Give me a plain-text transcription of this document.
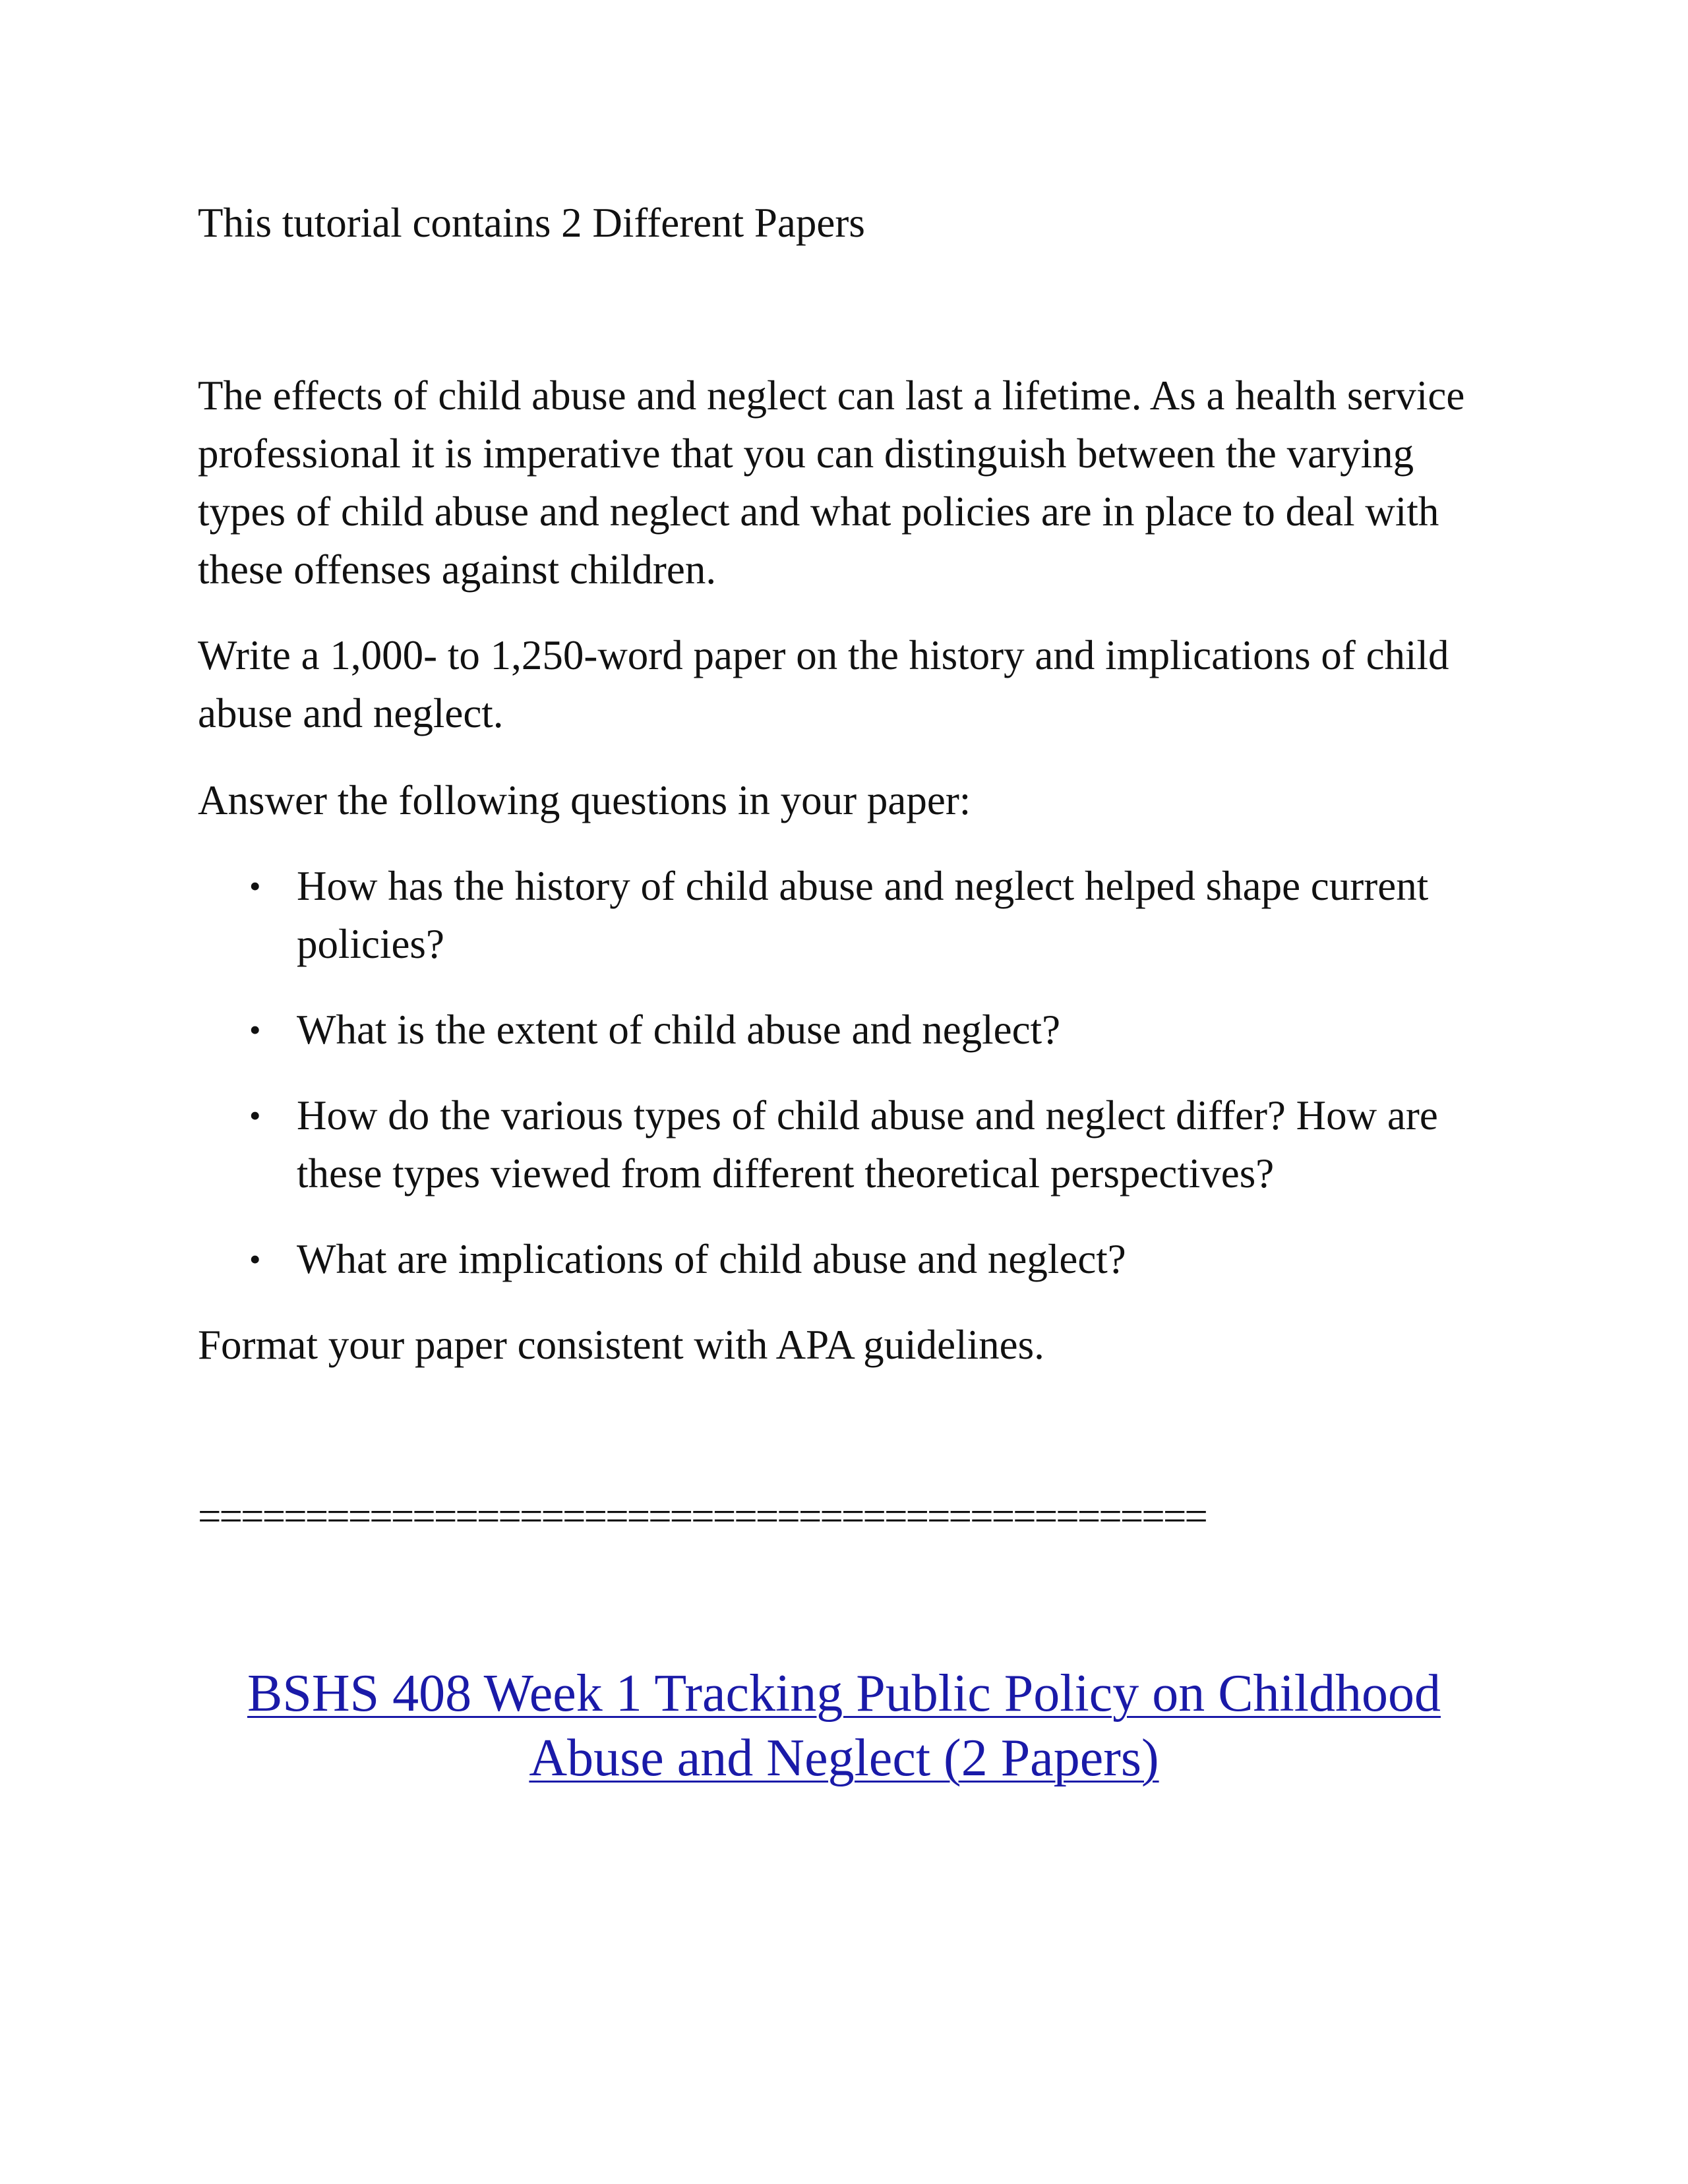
This tutorial contains 2 Different Papers

The effects of child abuse and neglect can last a lifetime. As a health service professional it is imperative that you can distinguish between the varying types of child abuse and neglect and what policies are in place to deal with these offenses against children.

Write a 1,000- to 1,250-word paper on the history and implications of child abuse and neglect.

Answer the following questions in your paper:

• How has the history of child abuse and neglect helped shape current policies?
• What is the extent of child abuse and neglect?
• How do the various types of child abuse and neglect differ? How are these types viewed from different theoretical perspectives?
• What are implications of child abuse and neglect?

Format your paper consistent with APA guidelines.

===============================================

BSHS 408 Week 1 Tracking Public Policy on Childhood
Abuse and Neglect (2 Papers)
